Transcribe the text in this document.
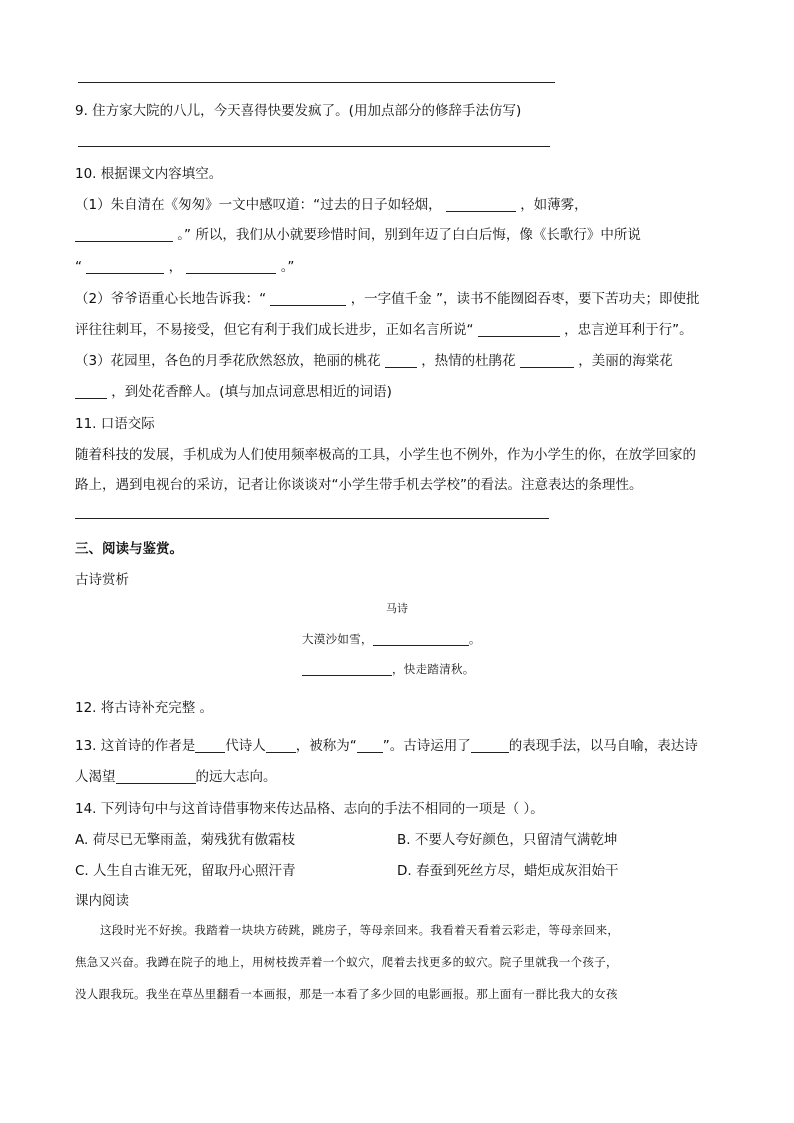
9. 住方家大院的八儿，今天喜得快要发疯了。(用加点部分的修辞手法仿写)
10. 根据课文内容填空。
（1）朱自清在《匆匆》一文中感叹道：“过去的日子如轻烟，	，如薄雾，
。” 所以，我们从小就要珍惜时间，别到年迈了白白后悔，像《长歌行》中所说
“	，	。”
（2）爷爷语重心长地告诉我：“	，一字值千金 ”，读书不能囫囵吞枣，要下苦功夫；即使批
评往往刺耳，不易接受，但它有利于我们成长进步，正如名言所说“	，忠言逆耳利于行”。
（3）花园里，各色的月季花欣然怒放，艳丽的桃花	，热情的杜鹃花	，美丽的海棠花
，到处花香醉人。(填与加点词意思相近的词语)
11. 口语交际
随着科技的发展，手机成为人们使用频率极高的工具，小学生也不例外，作为小学生的你，在放学回家的
路上，遇到电视台的采访，记者让你谈谈对“小学生带手机去学校”的看法。注意表达的条理性。
三、阅读与鉴赏。
古诗赏析
马诗
大漠沙如雪，	。
，快走踏清秋。
12. 将古诗补充完整 。
13. 这首诗的作者是 代诗人 ，被称为“ ”。古诗运用了	的表现手法，以马自喻，表达诗
人渴望	的远大志向。
14. 下列诗句中与这首诗借事物来传达品格、志向的手法不相同的一项是（ ）。
A. 荷尽已无擎雨盖，菊残犹有傲霜枝	B. 不要人夸好颜色，只留清气满乾坤
C. 人生自古谁无死，留取丹心照汗青	D. 春蚕到死丝方尽，蜡炬成灰泪始干
课内阅读
这段时光不好挨。我踏着一块块方砖跳，跳房子，等母亲回来。我看着天看着云彩走，等母亲回来，
焦急又兴奋。我蹲在院子的地上，用树枝拨弄着一个蚁穴，爬着去找更多的蚁穴。院子里就我一个孩子，
没人跟我玩。我坐在草丛里翻看一本画报，那是一本看了多少回的电影画报。那上面有一群比我大的女孩
